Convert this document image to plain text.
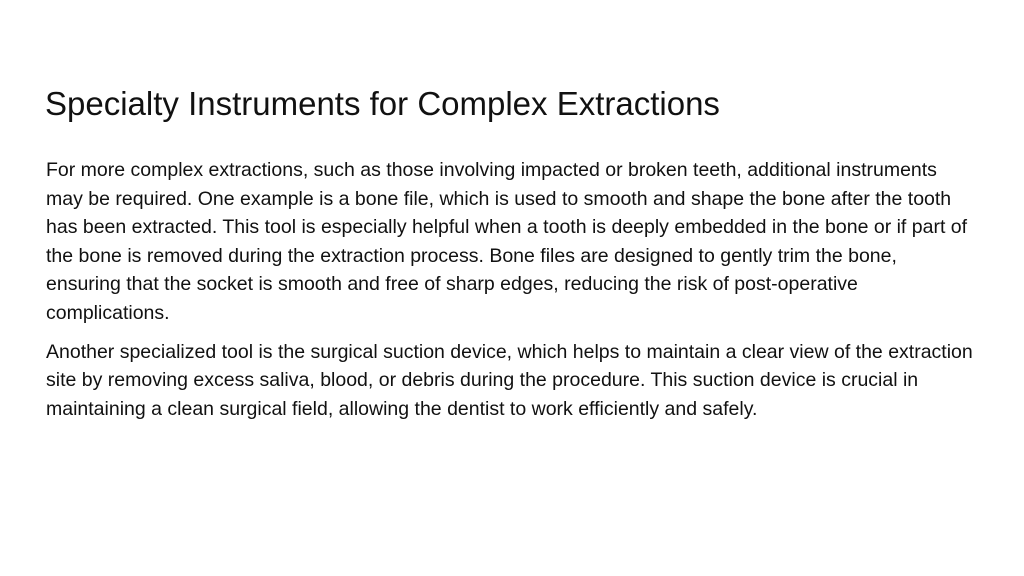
Specialty Instruments for Complex Extractions

For more complex extractions, such as those involving impacted or broken teeth, additional instruments may be required. One example is a bone file, which is used to smooth and shape the bone after the tooth has been extracted. This tool is especially helpful when a tooth is deeply embedded in the bone or if part of the bone is removed during the extraction process. Bone files are designed to gently trim the bone, ensuring that the socket is smooth and free of sharp edges, reducing the risk of post-operative complications.

Another specialized tool is the surgical suction device, which helps to maintain a clear view of the extraction site by removing excess saliva, blood, or debris during the procedure. This suction device is crucial in maintaining a clean surgical field, allowing the dentist to work efficiently and safely.
